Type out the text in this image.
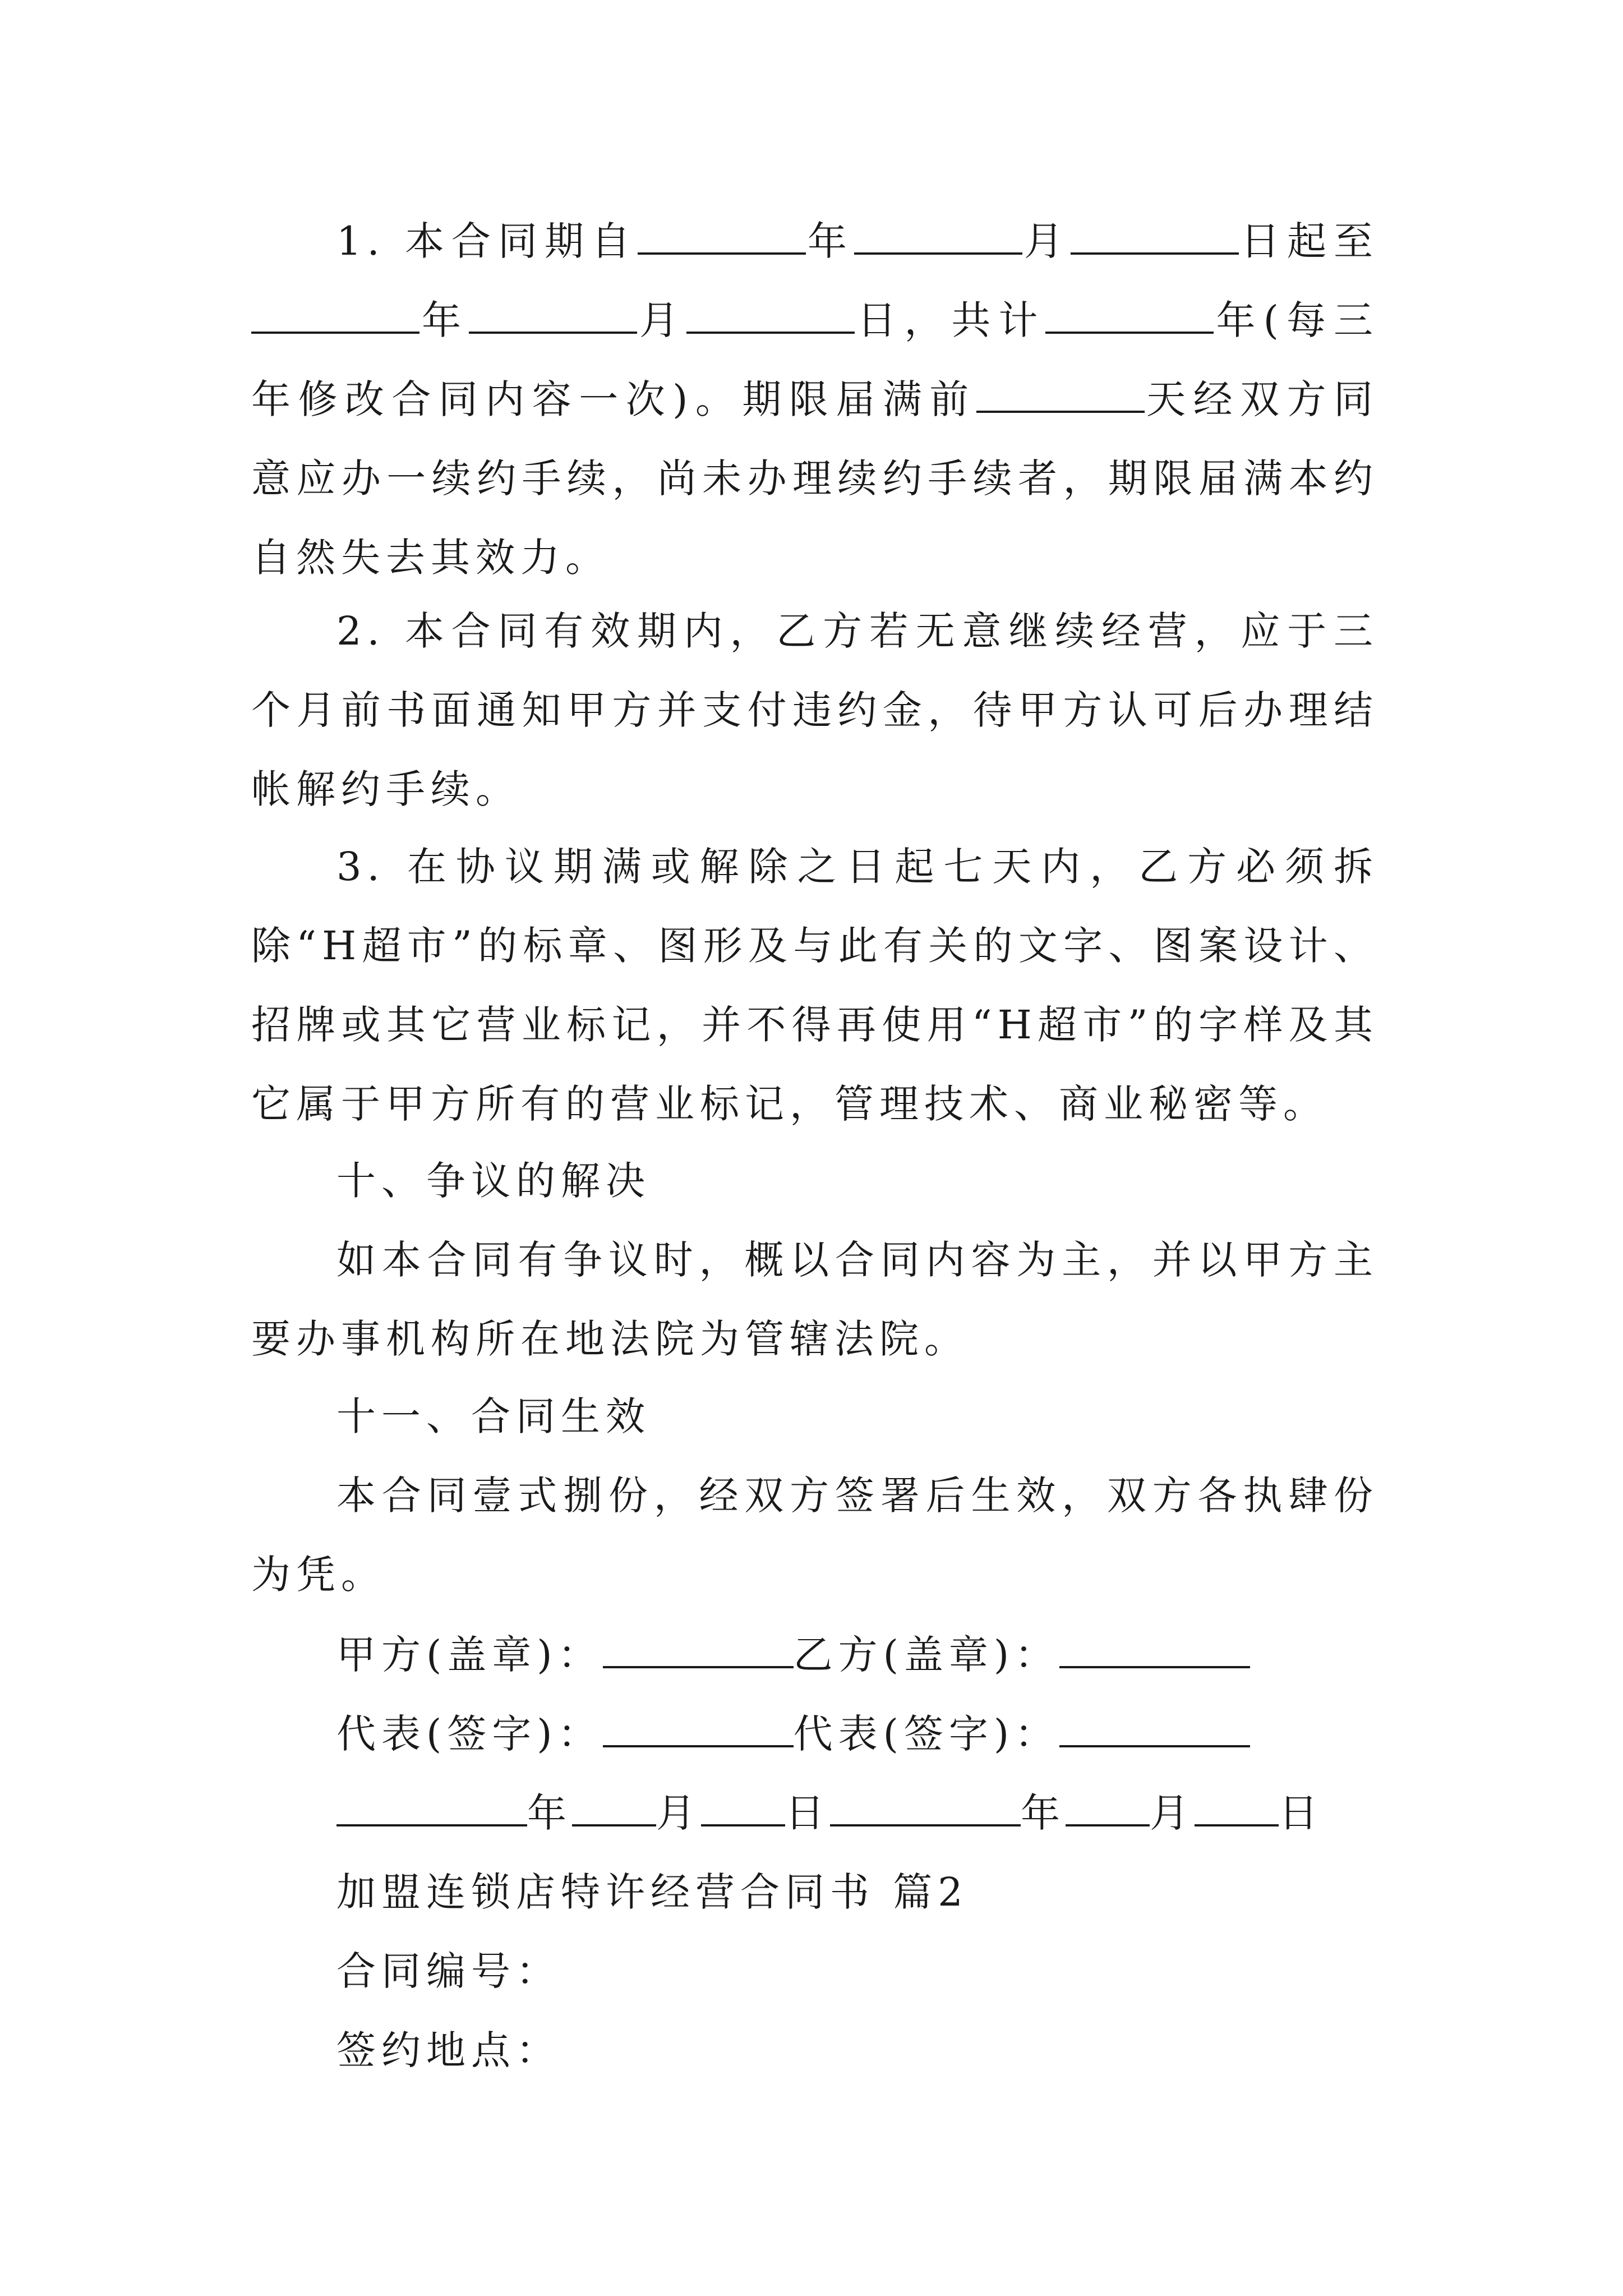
1. 本合同期自	年	月	日起至年	月	日，共计	年(每三年修改合同内容一次)。期限届满前	天经双方同意应办一续约手续，尚未办理续约手续者，期限届满本约自然失去其效力。

2. 本合同有效期内，乙方若无意继续经营，应于三个月前书面通知甲方并支付违约金，待甲方认可后办理结帐解约手续。

3. 在协议期满或解除之日起七天内，乙方必须拆除“H超市”的标章、图形及与此有关的文字、图案设计、招牌或其它营业标记，并不得再使用“H超市”的字样及其它属于甲方所有的营业标记，管理技术、商业秘密等。

十、争议的解决

如本合同有争议时，概以合同内容为主，并以甲方主要办事机构所在地法院为管辖法院。

十一、合同生效

本合同壹式捌份，经双方签署后生效，双方各执肆份为凭。

甲方(盖章)：	乙方(盖章)：

代表(签字)：	代表(签字)：

年 月 日	年 月 日

加盟连锁店特许经营合同书 篇2

合同编号：

签约地点：
